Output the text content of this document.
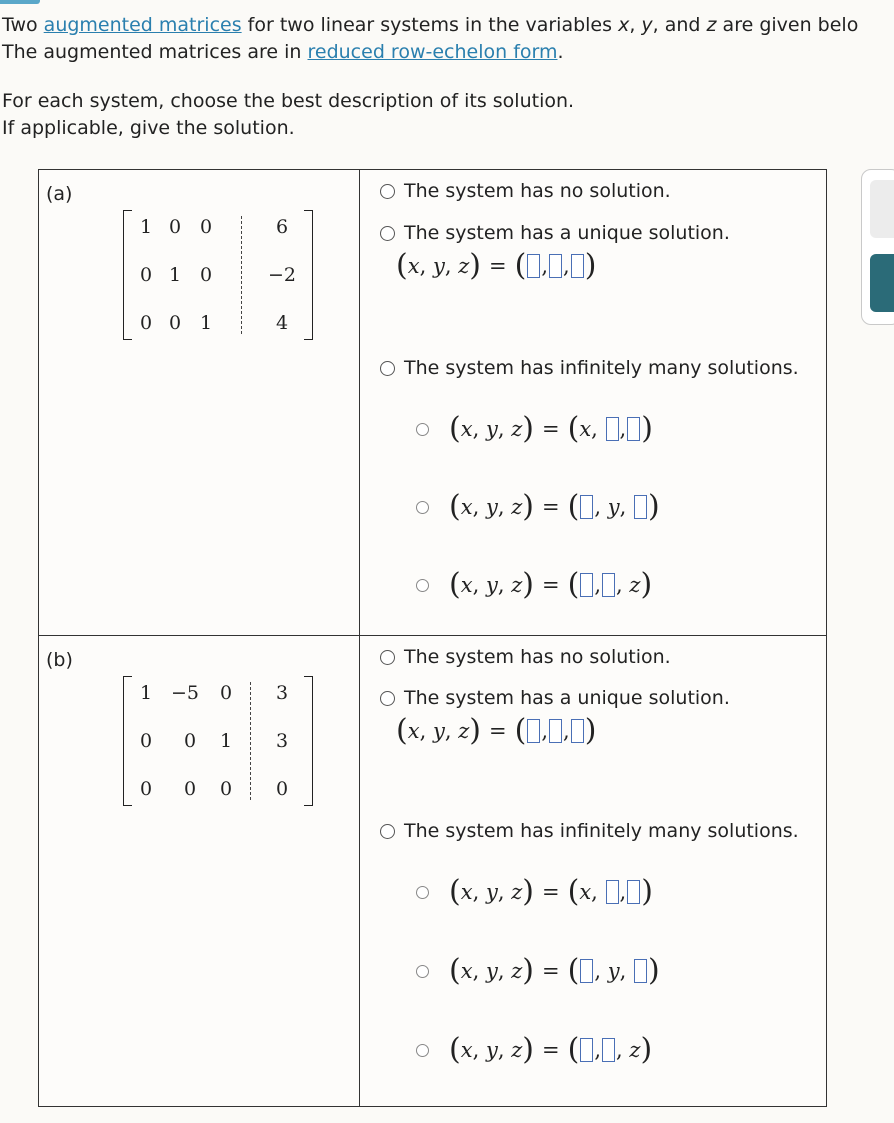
Two augmented matrices for two linear systems in the variables x, y, and z are given belo

The augmented matrices are in reduced row-echelon form.

For each system, choose the best description of its solution.

If applicable, give the solution.

(a)
1 0 0	6
0 1 0	−2
0 0 1	4
The system has no solution.
The system has a unique solution.
( x ,
y ,
z ) = ( , , )
The system has infinitely many solutions.
( x ,
y ,
z ) = ( x ,
, )
( x ,
y ,
z ) = ( ,
y ,
)
( x ,
y ,
z ) = ( , ,
z )
(b)
1 −5	0	3
0	0	1	3
0	0	0	0
The system has no solution.
The system has a unique solution.
( x ,
y ,
z ) = ( , , )
The system has infinitely many solutions.
( x ,
y ,
z ) = ( x ,
, )
( x ,
y ,
z ) = ( ,
y ,
)
( x ,
y ,
z ) = ( , ,
z )
